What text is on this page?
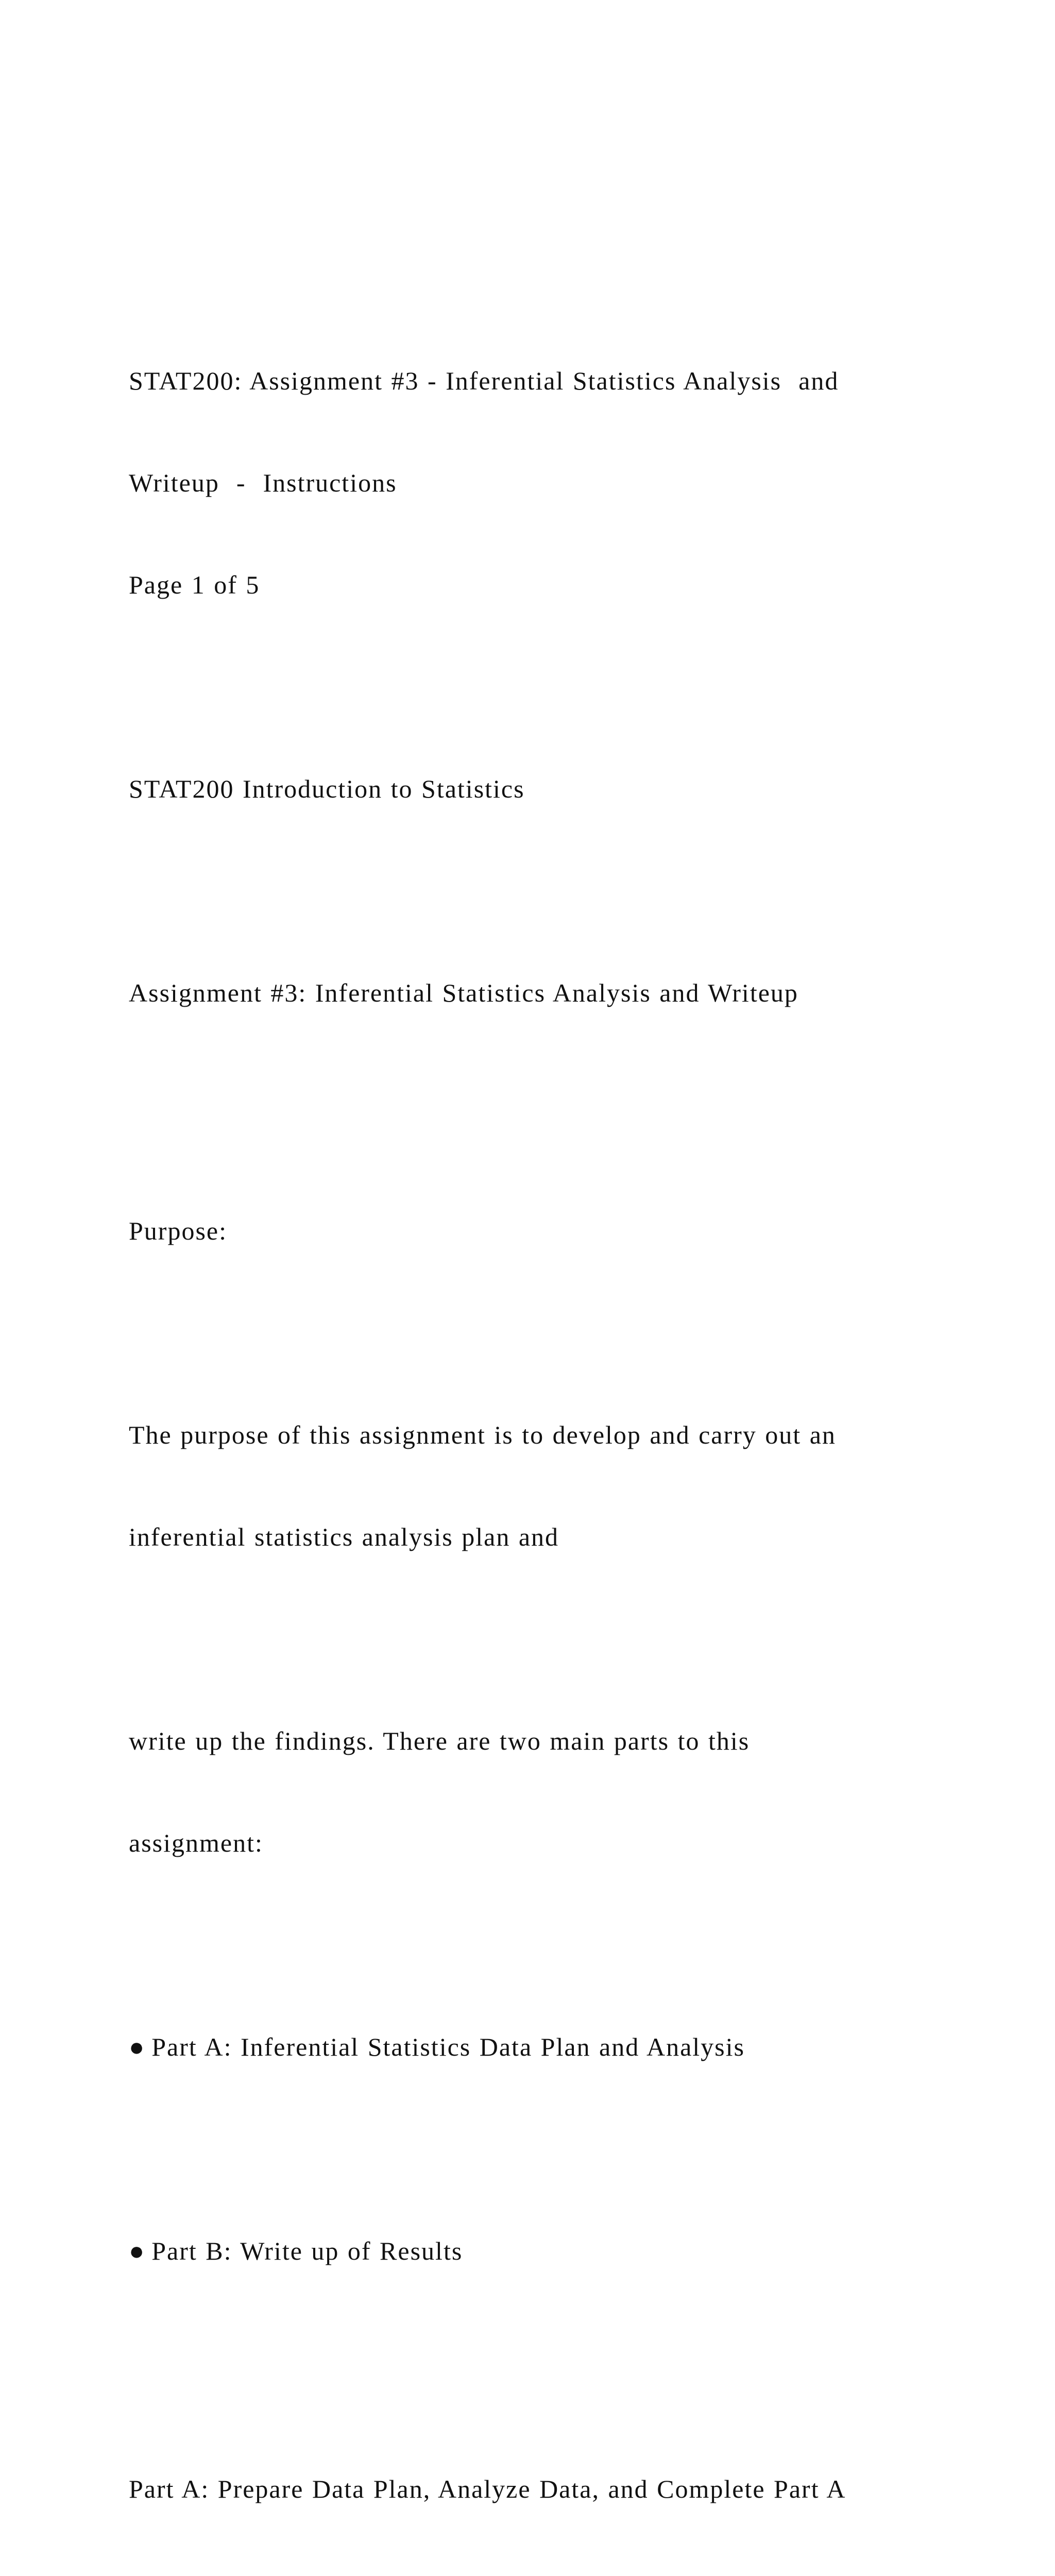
STAT200: Assignment #3 - Inferential Statistics Analysis  and

Writeup  -  Instructions

Page 1 of 5

STAT200 Introduction to Statistics

Assignment #3: Inferential Statistics Analysis and Writeup

Purpose:

The purpose of this assignment is to develop and carry out an

inferential statistics analysis plan and

write up the findings. There are two main parts to this

assignment:

● Part A: Inferential Statistics Data Plan and Analysis

● Part B: Write up of Results

Part A: Prepare Data Plan, Analyze Data, and Complete Part A
